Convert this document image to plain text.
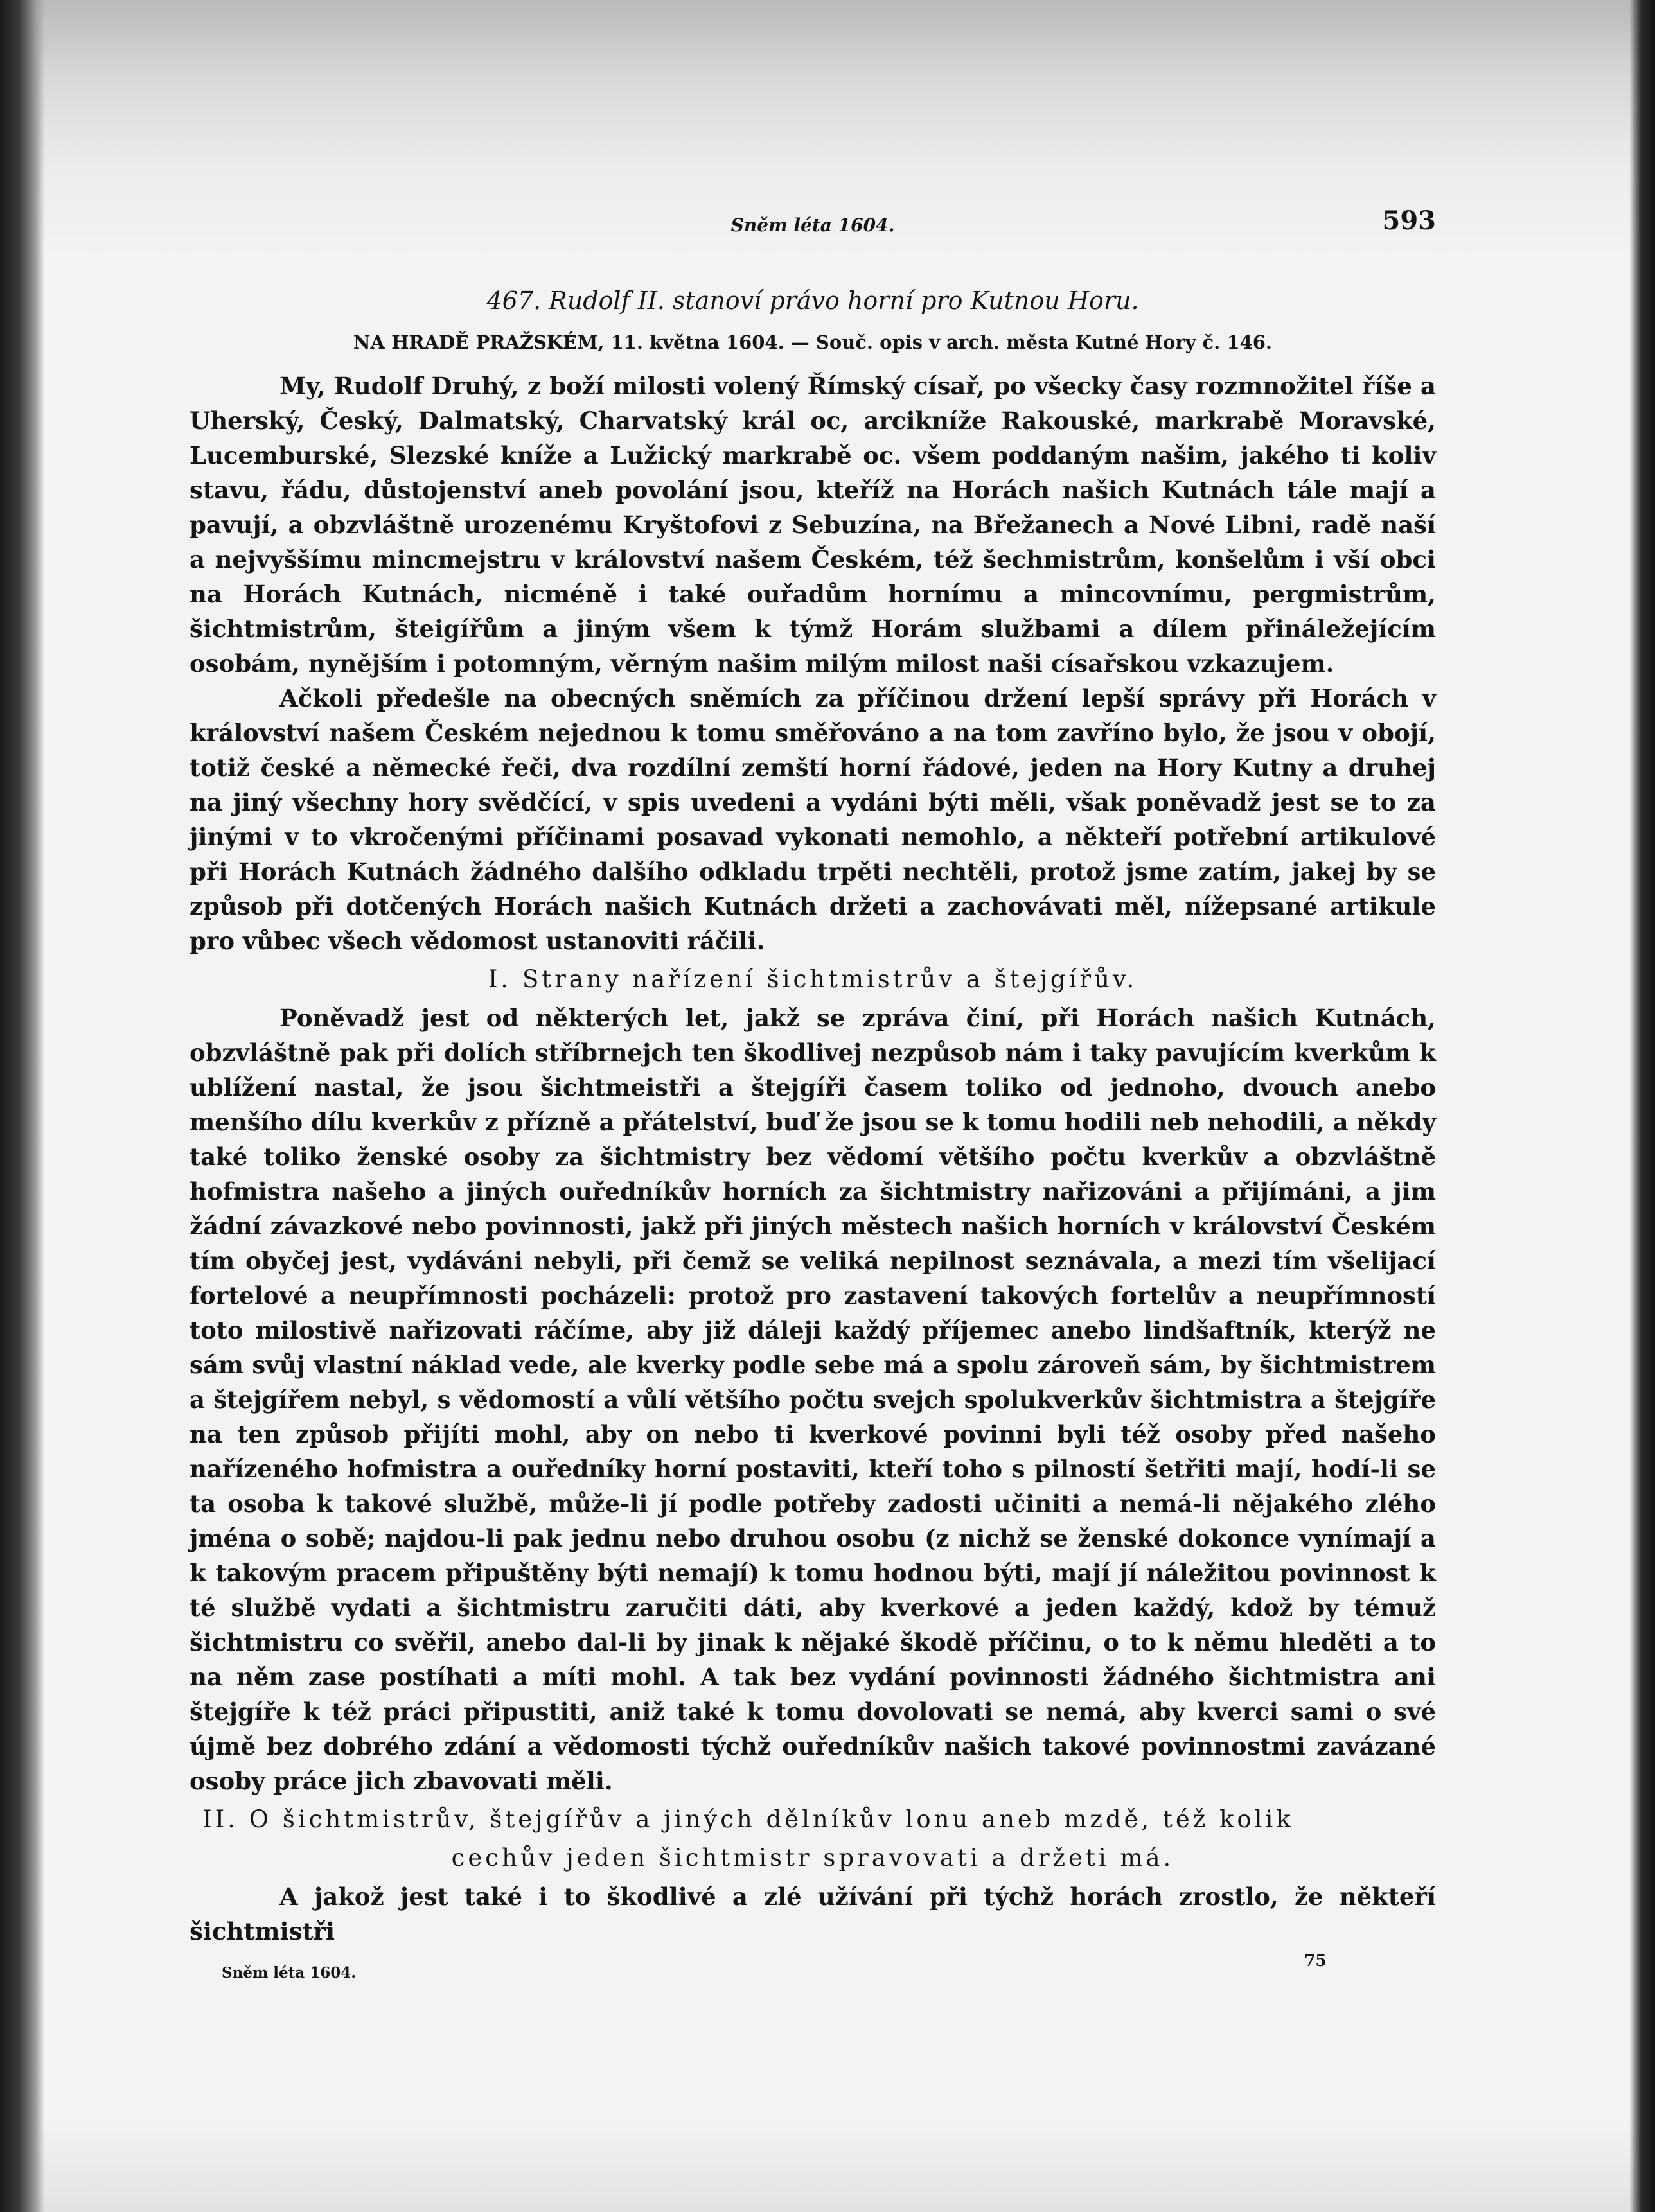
Sněm léta 1604.	593
467. Rudolf II. stanoví právo horní pro Kutnou Horu.
NA HRADĚ PRAŽSKÉM, 11. května 1604. — Souč. opis v arch. města Kutné Hory č. 146.

My, Rudolf Druhý, z boží milosti volený Římský císař, po všecky časy rozmnožitel říše a Uherský, Český, Dalmatský, Charvatský král oc, arcikníže Rakouské, markrabě Moravské, Lucemburské, Slezské kníže a Lužický markrabě oc. všem poddaným našim, jakého ti koliv stavu, řádu, důstojenství aneb povolání jsou, kteříž na Horách našich Kutnách tále mají a pavují, a obzvláštně urozenému Kryštofovi z Sebuzína, na Břežanech a Nové Libni, radě naší a nejvyššímu mincmejstru v království našem Českém, též šechmistrům, konšelům i vší obci na Horách Kutnách, nicméně i také ouřadům hornímu a mincovnímu, pergmistrům, šichtmistrům, šteigířům a jiným všem k týmž Horám službami a dílem přináležejícím osobám, nynějším i potomným, věrným našim milým milost naši císařskou vzkazujem.

Ačkoli předešle na obecných sněmích za příčinou držení lepší správy při Horách v království našem Českém nejednou k tomu směřováno a na tom zavříno bylo, že jsou v obojí, totiž české a německé řeči, dva rozdílní zemští horní řádové, jeden na Hory Kutny a druhej na jiný všechny hory svědčící, v spis uvedeni a vydáni býti měli, však poněvadž jest se to za jinými v to vkročenými příčinami posavad vykonati nemohlo, a někteří potřební artikulové při Horách Kutnách žádného dalšího odkladu trpěti nechtěli, protož jsme zatím, jakej by se způsob při dotčených Horách našich Kutnách držeti a zachovávati měl, nížepsané artikule pro vůbec všech vědomost ustanoviti ráčili.

I. Strany nařízení šichtmistrův a štejgířův.

Poněvadž jest od některých let, jakž se zpráva činí, při Horách našich Kutnách, obzvláštně pak při dolích stříbrnejch ten škodlivej nezpůsob nám i taky pavujícím kverkům k ublížení nastal, že jsou šichtmeistři a štejgíři časem toliko od jednoho, dvouch anebo menšího dílu kverkův z přízně a přátelství, buď že jsou se k tomu hodili neb nehodili, a někdy také toliko ženské osoby za šichtmistry bez vědomí většího počtu kverkův a obzvláštně hofmistra našeho a jiných ouředníkův horních za šichtmistry nařizováni a přijímáni, a jim žádní závazkové nebo povinnosti, jakž při jiných městech našich horních v království Českém tím obyčej jest, vydáváni nebyli, při čemž se veliká nepilnost seznávala, a mezi tím všelijací fortelové a neupřímnosti pocházeli: protož pro zastavení takových fortelův a neupřímností toto milostivě nařizovati ráčíme, aby již dáleji každý příjemec anebo lindšaftník, kterýž ne sám svůj vlastní náklad vede, ale kverky podle sebe má a spolu zároveň sám, by šichtmistrem a štejgířem nebyl, s vědomostí a vůlí většího počtu svejch spolukverkův šichtmistra a štejgíře na ten způsob přijíti mohl, aby on nebo ti kverkové povinni byli též osoby před našeho nařízeného hofmistra a ouředníky horní postaviti, kteří toho s pilností šetřiti mají, hodí-li se ta osoba k takové službě, může-li jí podle potřeby zadosti učiniti a nemá-li nějakého zlého jména o sobě; najdou-li pak jednu nebo druhou osobu (z nichž se ženské dokonce vynímají a k takovým pracem připuštěny býti nemají) k tomu hodnou býti, mají jí náležitou povinnost k té službě vydati a šichtmistru zaručiti dáti, aby kverkové a jeden každý, kdož by témuž šichtmistru co svěřil, anebo dal-li by jinak k nějaké škodě příčinu, o to k němu hleděti a to na něm zase postíhati a míti mohl. A tak bez vydání povinnosti žádného šichtmistra ani štejgíře k též práci připustiti, aniž také k tomu dovolovati se nemá, aby kverci sami o své újmě bez dobrého zdání a vědomosti týchž ouředníkův našich takové povinnostmi zavázané osoby práce jich zbavovati měli.

II. O šichtmistrův, štejgířův a jiných dělníkův lonu aneb mzdě, též kolik
cechův jeden šichtmistr spravovati a držeti má.

A jakož jest také i to škodlivé a zlé užívání při týchž horách zrostlo, že někteří šichtmistři

Sněm léta 1604.
75
